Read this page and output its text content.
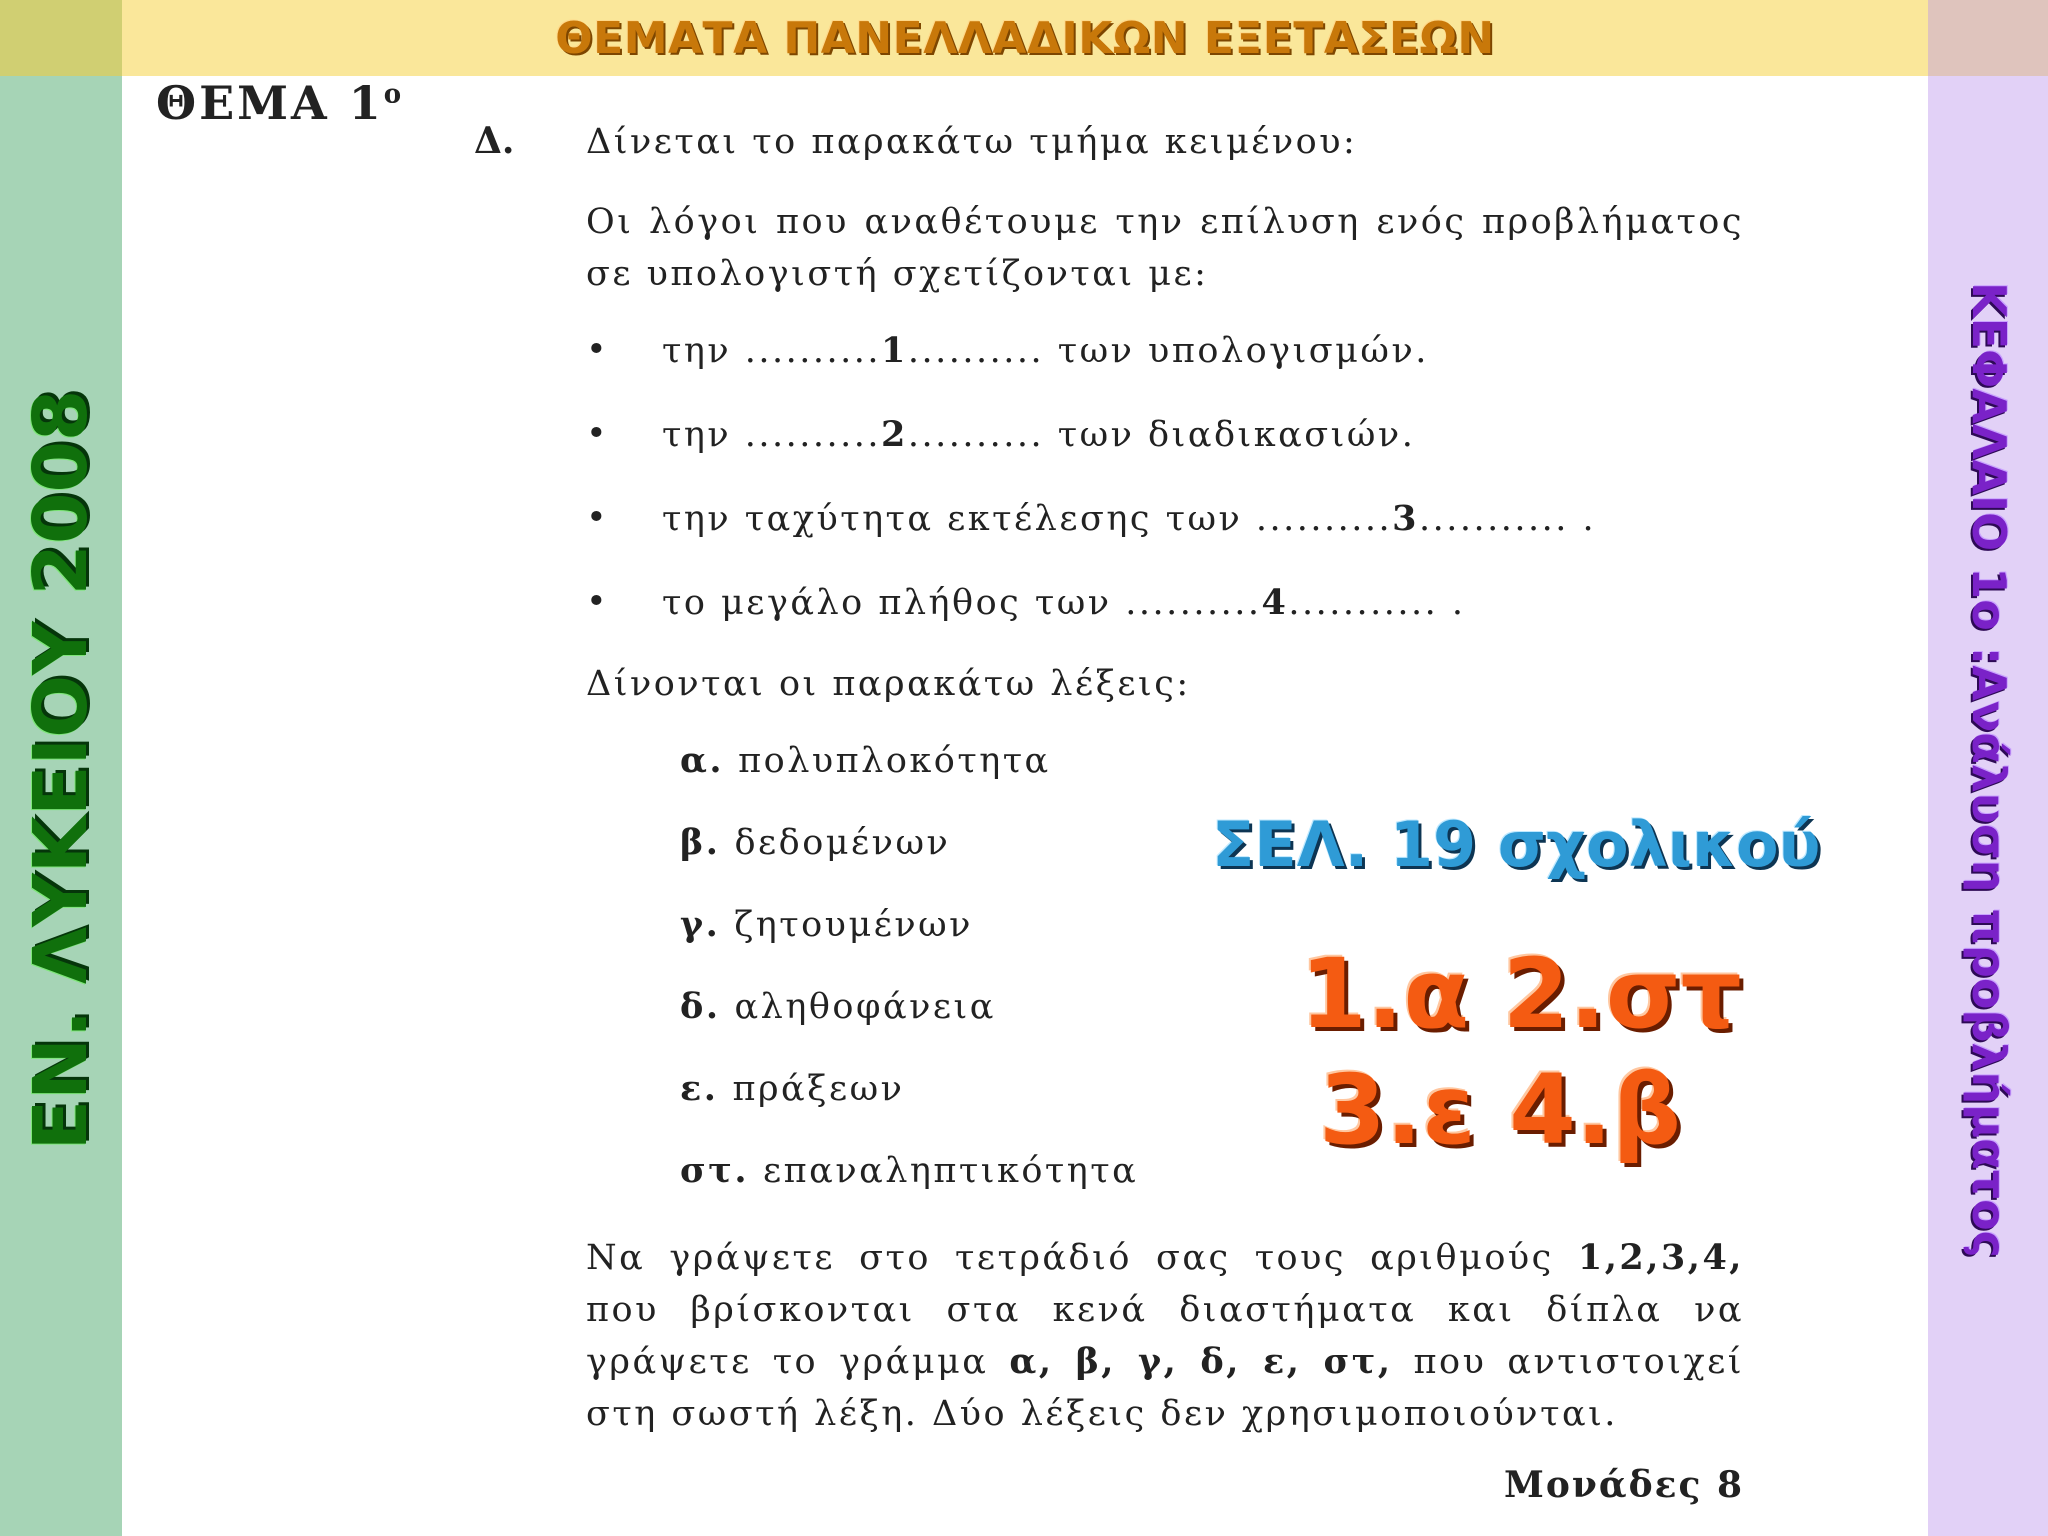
ΘΕΜΑΤΑ ΠΑΝΕΛΛΑΔΙΚΩΝ ΕΞΕΤΑΣΕΩΝ
ΕΝ. ΛΥΚΕΙΟΥ 2008	ΚΕΦΑΛΑΙΟ 1ο :Ανάλυση προβλήματος
ΘΕΜΑ $1^o$
Δ. Δίνεται το παρακάτω τμήμα κειμένου:
Οι λόγοι που αναθέτουμε την επίλυση ενός προβλήματος σε υπολογιστή σχετίζονται με:
• την ..........1.......... των υπολογισμών.
• την ..........2.......... των διαδικασιών.
• την ταχύτητα εκτέλεσης των ..........3........... .
• το μεγάλο πλήθος των ..........4........... .
Δίνονται οι παρακάτω λέξεις:
α. πολυπλοκότητα
β. δεδομένων
γ. ζητουμένων
δ. αληθοφάνεια
ε. πράξεων
στ. επαναληπτικότητα
Να γράψετε στο τετράδιό σας τους αριθμούς 1,2,3,4, που βρίσκονται στα κενά διαστήματα και δίπλα να γράψετε το γράμμα α, β, γ, δ, ε, στ, που αντιστοιχεί στη σωστή λέξη. Δύο λέξεις δεν χρησιμοποιούνται.
Μονάδες 8
ΣΕΛ. 19 σχολικού
1.α 2.στ
3.ε 4.β
